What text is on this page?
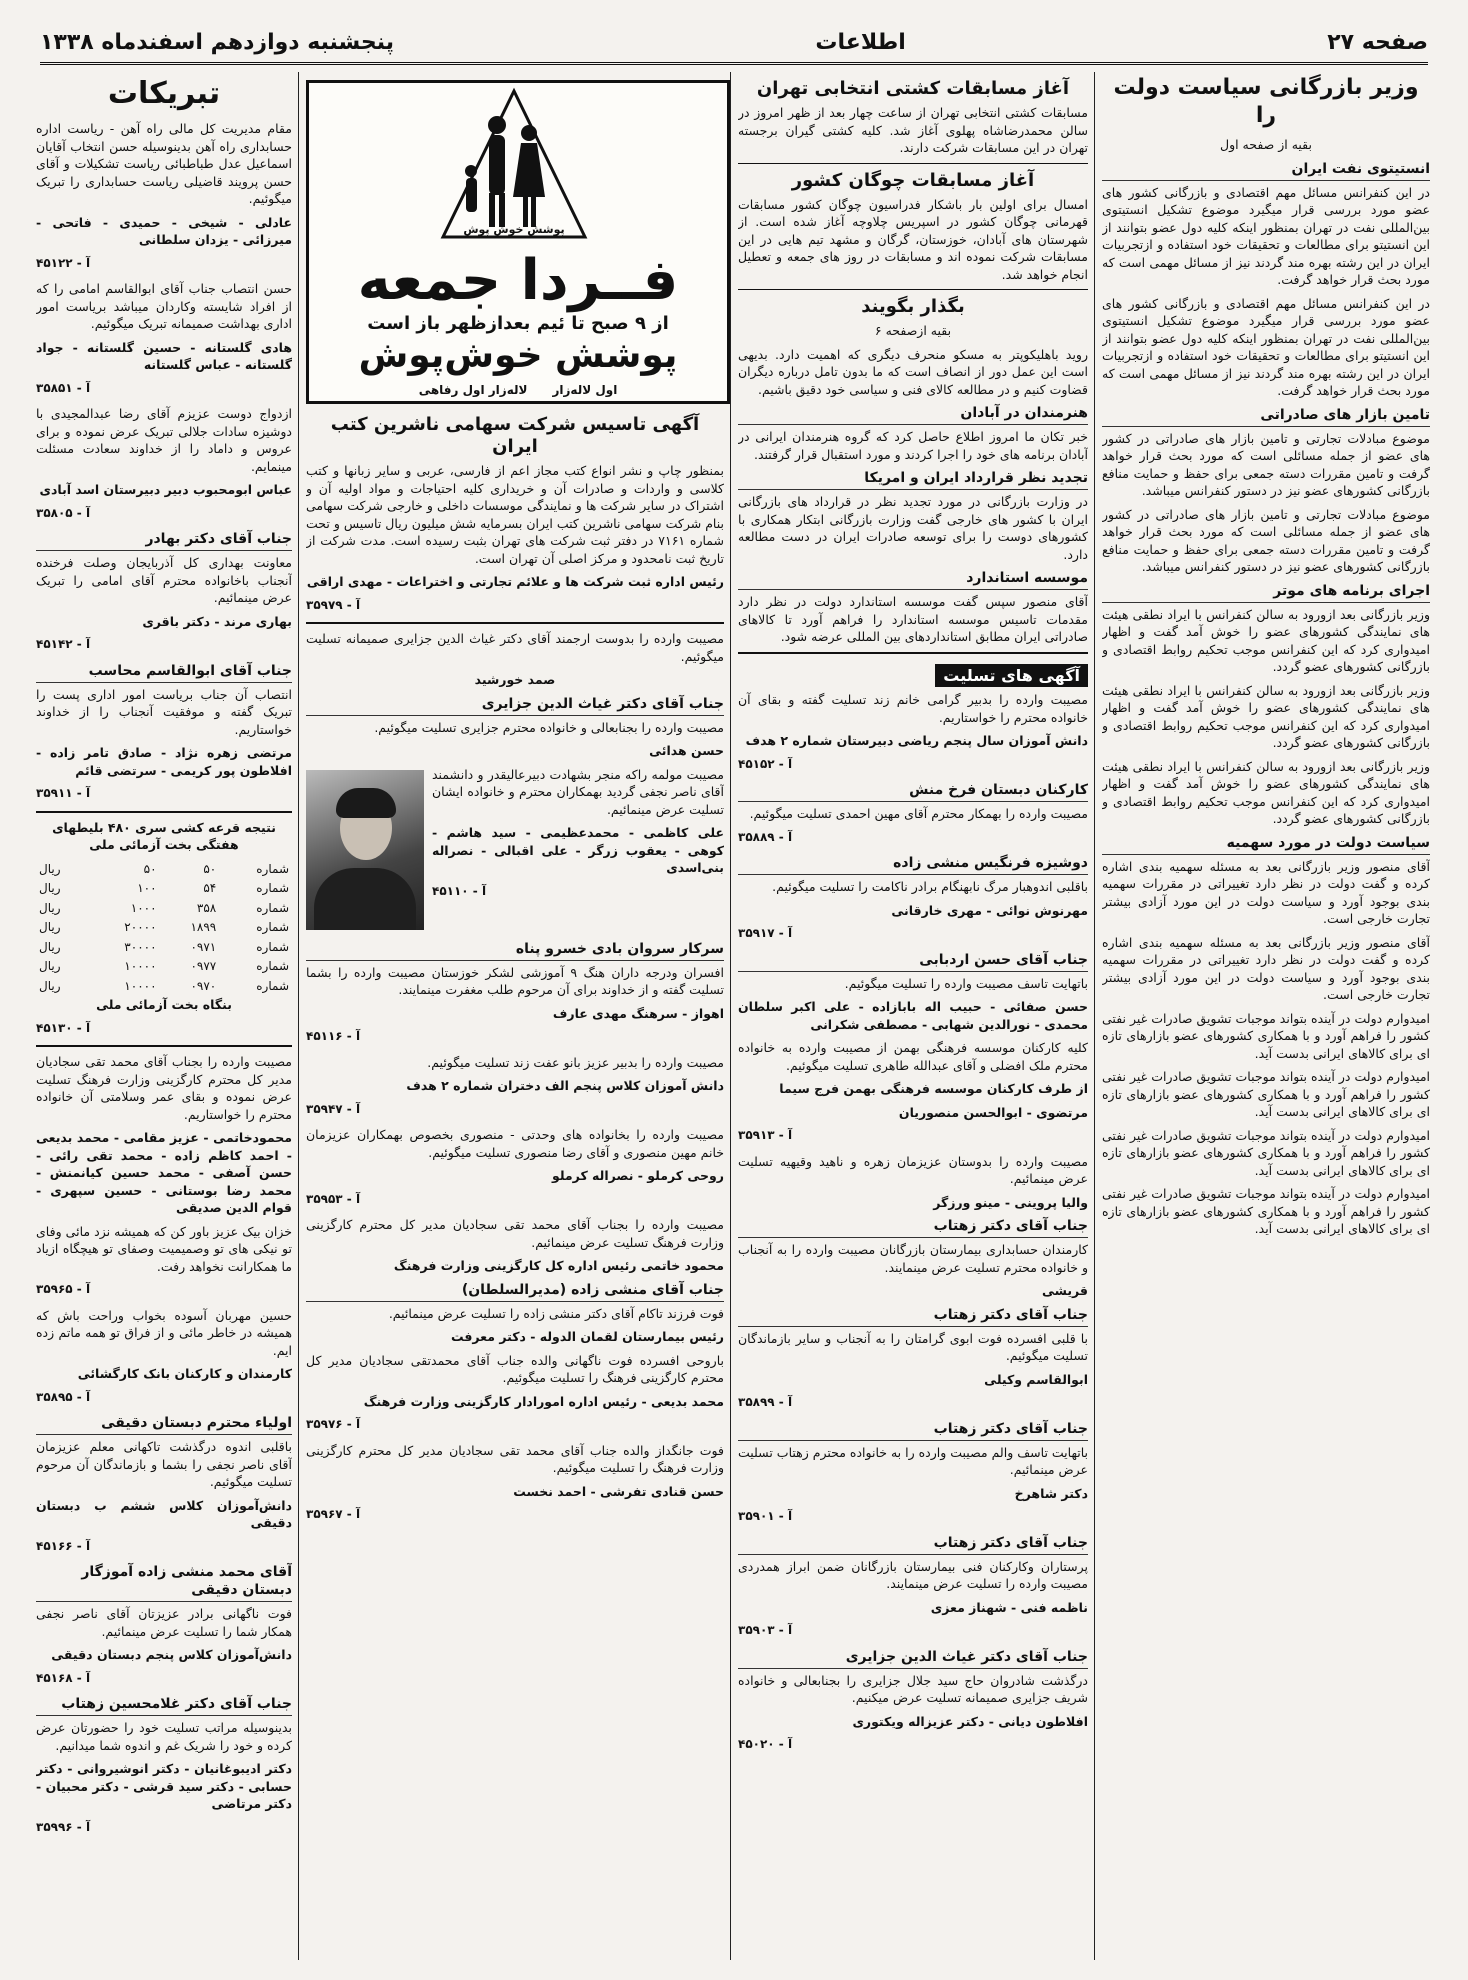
صفحه ۲۷
اطلاعات
پنجشنبه دوازدهم اسفندماه ۱۳۳۸
وزیر بازرگانی سیاست دولت را

بقیه از صفحه اول

انستیتوی نفت ایران

در این کنفرانس مسائل مهم اقتصادی و بازرگانی کشور های عضو مورد بررسی قرار میگیرد موضوع تشکیل انستیتوی بین‌المللی نفت در تهران بمنظور اینکه کلیه دول عضو بتوانند از این انستیتو برای مطالعات و تحقیقات خود استفاده و ازتجربیات ایران در این رشته بهره مند گردند نیز از مسائل مهمی است که مورد بحث قرار خواهد گرفت.

در این کنفرانس مسائل مهم اقتصادی و بازرگانی کشور های عضو مورد بررسی قرار میگیرد موضوع تشکیل انستیتوی بین‌المللی نفت در تهران بمنظور اینکه کلیه دول عضو بتوانند از این انستیتو برای مطالعات و تحقیقات خود استفاده و ازتجربیات ایران در این رشته بهره مند گردند نیز از مسائل مهمی است که مورد بحث قرار خواهد گرفت.

تامین بازار های صادراتی

موضوع مبادلات تجارتی و تامین بازار های صادراتی در کشور های عضو از جمله مسائلی است که مورد بحث قرار خواهد گرفت و تامین مقررات دسته جمعی برای حفظ و حمایت منافع بازرگانی کشورهای عضو نیز در دستور کنفرانس میباشد.

موضوع مبادلات تجارتی و تامین بازار های صادراتی در کشور های عضو از جمله مسائلی است که مورد بحث قرار خواهد گرفت و تامین مقررات دسته جمعی برای حفظ و حمایت منافع بازرگانی کشورهای عضو نیز در دستور کنفرانس میباشد.

اجرای برنامه های موتر

وزیر بازرگانی بعد ازورود به سالن کنفرانس با ایراد نطقی هیئت های نمایندگی کشورهای عضو را خوش آمد گفت و اظهار امیدواری کرد که این کنفرانس موجب تحکیم روابط اقتصادی و بازرگانی کشورهای عضو گردد.

وزیر بازرگانی بعد ازورود به سالن کنفرانس با ایراد نطقی هیئت های نمایندگی کشورهای عضو را خوش آمد گفت و اظهار امیدواری کرد که این کنفرانس موجب تحکیم روابط اقتصادی و بازرگانی کشورهای عضو گردد.

وزیر بازرگانی بعد ازورود به سالن کنفرانس با ایراد نطقی هیئت های نمایندگی کشورهای عضو را خوش آمد گفت و اظهار امیدواری کرد که این کنفرانس موجب تحکیم روابط اقتصادی و بازرگانی کشورهای عضو گردد.

سیاست دولت در مورد سهمیه

آقای منصور وزیر بازرگانی بعد به مسئله سهمیه بندی اشاره کرده و گفت دولت در نظر دارد تغییراتی در مقررات سهمیه بندی بوجود آورد و سیاست دولت در این مورد آزادی بیشتر تجارت خارجی است.

آقای منصور وزیر بازرگانی بعد به مسئله سهمیه بندی اشاره کرده و گفت دولت در نظر دارد تغییراتی در مقررات سهمیه بندی بوجود آورد و سیاست دولت در این مورد آزادی بیشتر تجارت خارجی است.

امیدوارم دولت در آینده بتواند موجبات تشویق صادرات غیر نفتی کشور را فراهم آورد و با همکاری کشورهای عضو بازارهای تازه ای برای کالاهای ایرانی بدست آید.

امیدوارم دولت در آینده بتواند موجبات تشویق صادرات غیر نفتی کشور را فراهم آورد و با همکاری کشورهای عضو بازارهای تازه ای برای کالاهای ایرانی بدست آید.

امیدوارم دولت در آینده بتواند موجبات تشویق صادرات غیر نفتی کشور را فراهم آورد و با همکاری کشورهای عضو بازارهای تازه ای برای کالاهای ایرانی بدست آید.

امیدوارم دولت در آینده بتواند موجبات تشویق صادرات غیر نفتی کشور را فراهم آورد و با همکاری کشورهای عضو بازارهای تازه ای برای کالاهای ایرانی بدست آید.

آغاز مسابقات کشتی انتخابی تهران

مسابقات کشتی انتخابی تهران از ساعت چهار بعد از ظهر امروز در سالن محمدرضاشاه پهلوی آغاز شد. کلیه کشتی گیران برجسته تهران در این مسابقات شرکت دارند.

آغاز مسابقات چوگان کشور

امسال برای اولین بار باشکار فدراسیون چوگان کشور مسابقات قهرمانی چوگان کشور در اسپریس چلاوچه آغاز شده است. از شهرستان های آبادان، خوزستان، گرگان و مشهد تیم هایی در این مسابقات شرکت نموده اند و مسابقات در روز های جمعه و تعطیل انجام خواهد شد.

بگذار بگویند

بقیه ازصفحه ۶

روید باهلیکوپتر به مسکو منحرف دیگری که اهمیت دارد. بدیهی است این عمل دور از انصاف است که ما بدون تامل درباره دیگران قضاوت کنیم و در مطالعه کالای فنی و سیاسی خود دقیق باشیم.

هنرمندان در آبادان

خبر تکان ما امروز اطلاع حاصل کرد که گروه هنرمندان ایرانی در آبادان برنامه های خود را اجرا کردند و مورد استقبال قرار گرفتند.

تجدید نظر قرارداد ایران و امریکا

در وزارت بازرگانی در مورد تجدید نظر در قرارداد های بازرگانی ایران با کشور های خارجی گفت وزارت بازرگانی ابتکار همکاری با کشورهای دوست را برای توسعه صادرات ایران در دست مطالعه دارد.

موسسه استاندارد

آقای منصور سپس گفت موسسه استاندارد دولت در نظر دارد مقدمات تاسیس موسسه استاندارد را فراهم آورد تا کالاهای صادراتی ایران مطابق استانداردهای بین المللی عرضه شود.

آگهی های تسلیت

مصیبت وارده را بدبیر گرامی خانم زند تسلیت گفته و بقای آن خانواده محترم را خواستاریم.

دانش آموزان سال پنجم ریاضی دبیرستان شماره ۲ هدف

آ - ۴۵۱۵۲
کارکنان دبستان فرخ منش

مصیبت وارده را بهمکار محترم آقای مهین احمدی تسلیت میگوئیم.

آ - ۳۵۸۸۹
دوشیزه فرنگیس منشی زاده

باقلبی اندوهبار مرگ نابهنگام برادر ناکامت را تسلیت میگوئیم.

مهرنوش نوائی - مهری خارقانی

آ - ۳۵۹۱۷
جناب آقای حسن اردبابی

باتهایت تاسف مصیبت وارده را تسلیت میگوئیم.

حسن صفائی - حبیب اله بابازاده - علی اکبر سلطان محمدی - نورالدین شهابی - مصطفی شکرانی

کلیه کارکنان موسسه فرهنگی بهمن از مصیبت وارده به خانواده محترم ملک افضلی و آقای عبدالله طاهری تسلیت میگوئیم.

از طرف کارکنان موسسه فرهنگی بهمن فرج سیما

مرتضوی - ابوالحسن منصوریان

آ - ۳۵۹۱۳

مصیبت وارده را بدوستان عزیزمان زهره و ناهید وقیهیه تسلیت عرض مینمائیم.

والیا پروینی - مینو ورزگر

جناب آقای دکتر زهتاب

کارمندان حسابداری بیمارستان بازرگانان مصیبت وارده را به آنجناب و خانواده محترم تسلیت عرض مینمایند.

قریشی

جناب آقای دکتر زهتاب

با قلبی افسرده فوت ابوی گرامتان را به آنجناب و سایر بازماندگان تسلیت میگوئیم.

ابوالقاسم وکیلی

آ - ۳۵۸۹۹
جناب آقای دکتر زهتاب

باتهایت تاسف والم مصیبت وارده را به خانواده محترم زهتاب تسلیت عرض مینمائیم.

دکتر شاهرخ

آ - ۳۵۹۰۱
جناب آقای دکتر زهتاب

پرستاران وکارکنان فنی بیمارستان بازرگانان ضمن ابراز همدردی مصیبت وارده را تسلیت عرض مینمایند.

ناظمه فنی - شهناز معزی

آ - ۳۵۹۰۳
جناب آقای دکتر غیاث الدین جزایری

درگذشت شادروان حاج سید جلال جزایری را بجنابعالی و خانواده شریف جزایری صمیمانه تسلیت عرض میکنیم.

افلاطون دیانی - دکتر عزیزاله ویکتوری

آ - ۴۵۰۲۰
پوشش خوش پوش
فــردا جمعه
از ۹ صبح تا ئیم بعدازظهر باز است
پوشش خوش‌پوش
اول لاله‌زار      لاله‌زار اول رفاهی
آگهی تاسیس شرکت سهامی ناشرین کتب ایران

بمنظور چاپ و نشر انواع کتب مجاز اعم از فارسی، عربی و سایر زبانها و کتب کلاسی و واردات و صادرات آن و خریداری کلیه احتیاجات و مواد اولیه آن و اشتراک در سایر شرکت ها و نمایندگی موسسات داخلی و خارجی شرکت سهامی بنام شرکت سهامی ناشرین کتب ایران بسرمایه شش میلیون ریال تاسیس و تحت شماره ۷۱۶۱ در دفتر ثبت شرکت های تهران بثبت رسیده است. مدت شرکت از تاریخ ثبت نامحدود و مرکز اصلی آن تهران است.

رئیس اداره ثبت شرکت ها و علائم تجارتی و اختراعات - مهدی اراقی

آ - ۳۵۹۷۹

مصیبت وارده را بدوست ارجمند آقای دکتر غیاث الدین جزایری صمیمانه تسلیت میگوئیم.

صمد خورشید

جناب آقای دکتر غیاث الدین جزایری

مصیبت وارده را بجنابعالی و خانواده محترم جزایری تسلیت میگوئیم.

حسن هدائی

مصیبت مولمه راکه منجر بشهادت دبیرعالیقدر و دانشمند آقای ناصر نجفی گردید بهمکاران محترم و خانواده ایشان تسلیت عرض مینمائیم.

علی کاظمی - محمدعظیمی - سید هاشم - کوهی - یعقوب زرگر - علی اقبالی - نصراله بنی‌اسدی

آ - ۴۵۱۱۰
سرکار سروان بادی خسرو پناه

افسران ودرجه داران هنگ ۹ آموزشی لشکر خوزستان مصیبت وارده را بشما تسلیت گفته و از خداوند برای آن مرحوم طلب مغفرت مینمایند.

اهواز - سرهنگ مهدی عارف

آ - ۴۵۱۱۶

مصیبت وارده را بدبیر عزیز بانو عفت زند تسلیت میگوئیم.

دانش آموزان کلاس پنجم الف دختران شماره ۲ هدف

آ - ۳۵۹۴۷

مصیبت وارده را بخانواده های وحدتی - منصوری بخصوص بهمکاران عزیزمان خانم مهین منصوری و آقای رضا منصوری تسلیت میگوئیم.

روحی کرملو - نصراله کرملو

آ - ۳۵۹۵۳

مصیبت وارده را بجناب آقای محمد تقی سجادیان مدیر کل محترم کارگزینی وزارت فرهنگ تسلیت عرض مینمائیم.

محمود خاتمی رئیس اداره کل کارگزینی وزارت فرهنگ

جناب آقای منشی زاده (مدیرالسلطان)

فوت فرزند تاکام آقای دکتر منشی زاده را تسلیت عرض مینمائیم.

رئیس بیمارستان لقمان الدوله - دکتر معرفت

باروحی افسرده فوت ناگهانی والده جناب آقای محمدتقی سجادیان مدیر کل محترم کارگزینی فرهنگ را تسلیت میگوئیم.

محمد بدیعی - رئیس اداره امورادار کارگزینی وزارت فرهنگ

آ - ۳۵۹۷۶

فوت جانگداز والده جناب آقای محمد تقی سجادیان مدیر کل محترم کارگزینی وزارت فرهنگ را تسلیت میگوئیم.

حسن قنادی تفرشی - احمد نخست

آ - ۳۵۹۶۷
تبریکات

مقام مدیریت کل مالی راه آهن - ریاست اداره حسابداری راه آهن بدینوسیله حسن انتخاب آقایان اسماعیل عدل طباطبائی ریاست تشکیلات و آقای حسن پرویند قاضیلی ریاست حسابداری را تبریک میگوئیم.

عادلی - شیخی - حمیدی - فاتحی - میرزائی - یزدان سلطانی

آ - ۴۵۱۲۲

حسن انتصاب جناب آقای ابوالقاسم امامی را که از افراد شایسته وکاردان میباشد بریاست امور اداری بهداشت صمیمانه تبریک میگوئیم.

هادی گلستانه - حسین گلستانه - جواد گلستانه - عباس گلستانه

آ - ۳۵۸۵۱

ازدواج دوست عزیزم آقای رضا عبدالمجیدی با دوشیزه سادات جلالی تبریک عرض نموده و برای عروس و داماد را از خداوند سعادت مسئلت مینمایم.

عباس ابومحبوب دبیر دبیرستان اسد آبادی

آ - ۳۵۸۰۵
جناب آقای دکتر بهادر

معاونت بهداری کل آذربایجان وصلت فرخنده آنجناب باخانواده محترم آقای امامی را تبریک عرض مینمائیم.

بهاری مرند - دکتر باقری

آ - ۴۵۱۴۲
جناب آقای ابوالقاسم محاسب

انتصاب آن جناب بریاست امور اداری پست را تبریک گفته و موفقیت آنجناب را از خداوند خواستاریم.

مرتضی زهره نژاد - صادق تامر زاده - افلاطون پور کریمی - سرتضی قائم

آ - ۳۵۹۱۱

نتیجه قرعه کشی سری ۴۸۰ بلیطهای هفتگی بخت آزمائی ملی

شماره	۵۰	۵۰	ریال
شماره	۵۴	۱۰۰	ریال
شماره	۳۵۸	۱۰۰۰	ریال
شماره	۱۸۹۹	۲۰۰۰۰	ریال
شماره	۰۹۷۱	۳۰۰۰۰	ریال
شماره	۰۹۷۷	۱۰۰۰۰	ریال
شماره	۰۹۷۰	۱۰۰۰۰	ریال

بنگاه بخت آزمائی ملی

آ - ۴۵۱۳۰

مصیبت وارده را بجناب آقای محمد تقی سجادیان مدیر کل محترم کارگزینی وزارت فرهنگ تسلیت عرض نموده و بقای عمر وسلامتی آن خانواده محترم را خواستاریم.

محمودخاتمی - عزیز مقامی - محمد بدیعی - احمد کاظم زاده - محمد تقی رائی - حسن آصفی - محمد حسین کیانمنش - محمد رضا بوستانی - حسین سپهری - قوام الدین صدیقی

خزان بیک عزیز باور کن که همیشه نزد مائی وفای تو نیکی های تو وصمیمیت وصفای تو هیچگاه ازیاد ما همکارانت نخواهد رفت.

آ - ۳۵۹۶۵

حسین مهربان آسوده بخواب وراحت باش که همیشه در خاطر مائی و از فراق تو همه ماتم زده ایم.

کارمندان و کارکنان بانک کارگشائی

آ - ۳۵۸۹۵
اولیاء محترم دبستان دقیقی

باقلبی اندوه درگذشت تاکهانی معلم عزیزمان آقای ناصر نجفی را بشما و بازماندگان آن مرحوم تسلیت میگوئیم.

دانش‌آموزان کلاس ششم ب دبستان دقیقی

آ - ۴۵۱۶۶
آقای محمد منشی زاده آموزگار دبستان دقیقی

فوت ناگهانی برادر عزیزتان آقای ناصر نجفی همکار شما را تسلیت عرض مینمائیم.

دانش‌آموزان کلاس پنجم دبستان دقیقی

آ - ۴۵۱۶۸
جناب آقای دکتر غلامحسین زهتاب

بدینوسیله مراتب تسلیت خود را حضورتان عرض کرده و خود را شریک غم و اندوه شما میدانیم.

دکتر ادیبوغانیان - دکتر انوشیروانی - دکتر حسابی - دکتر سید قرشی - دکتر محبیان - دکتر مرتاضی

آ - ۳۵۹۹۶
